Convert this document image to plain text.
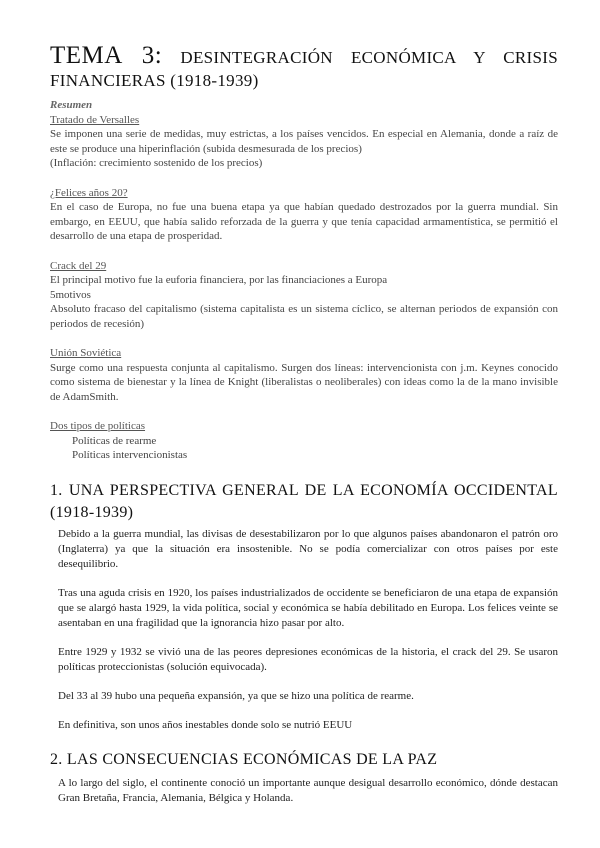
TEMA 3: DESINTEGRACIÓN ECONÓMICA Y CRISIS FINANCIERAS (1918-1939)

Resumen

Tratado de Versalles

Se imponen una serie de medidas, muy estrictas, a los países vencidos. En especial en Alemania, donde a raíz de este se produce una hiperinflación (subida desmesurada de los precios)

(Inflación: crecimiento sostenido de los precios)

¿Felices años 20?

En el caso de Europa, no fue una buena etapa ya que habían quedado destrozados por la guerra mundial. Sin embargo, en EEUU, que había salido reforzada de la guerra y que tenía capacidad armamentística, se permitió el desarrollo de una etapa de prosperidad.

Crack del 29

El principal motivo fue la euforia financiera, por las financiaciones a Europa

5motivos

Absoluto fracaso del capitalismo (sistema capitalista es un sistema cíclico, se alternan periodos de expansión con periodos de recesión)

Unión Soviética

Surge como una respuesta conjunta al capitalismo. Surgen dos líneas: intervencionista con j.m. Keynes conocido como sistema de bienestar y la línea de Knight (liberalistas o neoliberales) con ideas como la de la mano invisible de AdamSmith.

Dos tipos de políticas

Políticas de rearme

Políticas intervencionistas

1. UNA PERSPECTIVA GENERAL DE LA ECONOMÍA OCCIDENTAL (1918-1939)

Debido a la guerra mundial, las divisas de desestabilizaron por lo que algunos países abandonaron el patrón oro (Inglaterra) ya que la situación era insostenible. No se podía comercializar con otros países por este desequilibrio.

Tras una aguda crisis en 1920, los países industrializados de occidente se beneficiaron de una etapa de expansión que se alargó hasta 1929, la vida política, social y económica se había debilitado en Europa. Los felices veinte se asentaban en una fragilidad que la ignorancia hizo pasar por alto.

Entre 1929 y 1932 se vivió una de las peores depresiones económicas de la historia, el crack del 29. Se usaron políticas proteccionistas (solución equivocada).

Del 33 al 39 hubo una pequeña expansión, ya que se hizo una política de rearme.

En definitiva, son unos años inestables donde solo se nutrió EEUU

2. LAS CONSECUENCIAS ECONÓMICAS DE LA PAZ

A lo largo del siglo, el continente conoció un importante aunque desigual desarrollo económico, dónde destacan Gran Bretaña, Francia, Alemania, Bélgica y Holanda.
